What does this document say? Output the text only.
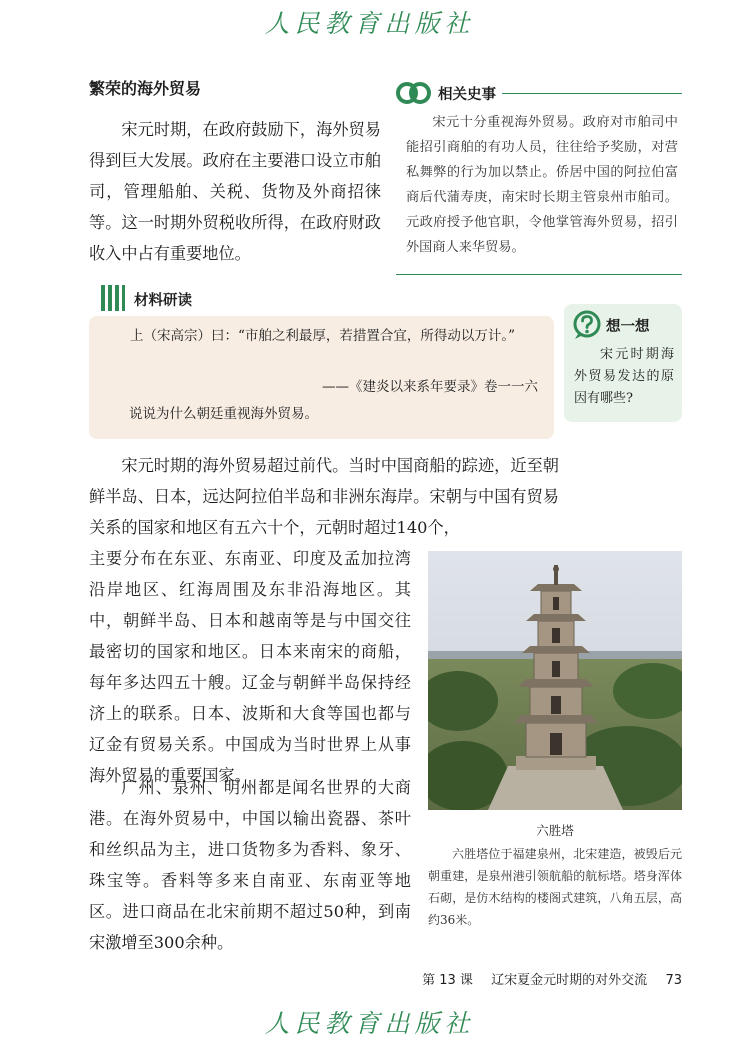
人民教育出版社
繁荣的海外贸易

宋元时期，在政府鼓励下，海外贸易得到巨大发展。政府在主要港口设立市舶司，管理船舶、关税、货物及外商招徕等。这一时期外贸税收所得，在政府财政收入中占有重要地位。

相关史事

宋元十分重视海外贸易。政府对市舶司中能招引商舶的有功人员，往往给予奖励，对营私舞弊的行为加以禁止。侨居中国的阿拉伯富商后代蒲寿庚，南宋时长期主管泉州市舶司。元政府授予他官职，令他掌管海外贸易，招引外国商人来华贸易。

材料研读

上（宋高宗）曰：“市舶之利最厚，若措置合宜，所得动以万计。”

——《建炎以来系年要录》卷一一六
说说为什么朝廷重视海外贸易。
想一想

宋元时期海外贸易发达的原因有哪些?

宋元时期的海外贸易超过前代。当时中国商船的踪迹，近至朝鲜半岛、日本，远达阿拉伯半岛和非洲东海岸。宋朝与中国有贸易关系的国家和地区有五六十个，元朝时超过140个，

主要分布在东亚、东南亚、印度及孟加拉湾沿岸地区、红海周围及东非沿海地区。其中，朝鲜半岛、日本和越南等是与中国交往最密切的国家和地区。日本来南宋的商船，每年多达四五十艘。辽金与朝鲜半岛保持经济上的联系。日本、波斯和大食等国也都与辽金有贸易关系。中国成为当时世界上从事海外贸易的重要国家。

广州、泉州、明州都是闻名世界的大商港。在海外贸易中，中国以输出瓷器、茶叶和丝织品为主，进口货物多为香料、象牙、珠宝等。香料等多来自南亚、东南亚等地区。进口商品在北宋前期不超过50种，到南宋激增至300余种。

六胜塔

六胜塔位于福建泉州，北宋建造，被毁后元朝重建，是泉州港引领航船的航标塔。塔身浑体石砌，是仿木结构的楼阁式建筑，八角五层，高约36米。

第 13 课 辽宋夏金元时期的对外交流 73
人民教育出版社
